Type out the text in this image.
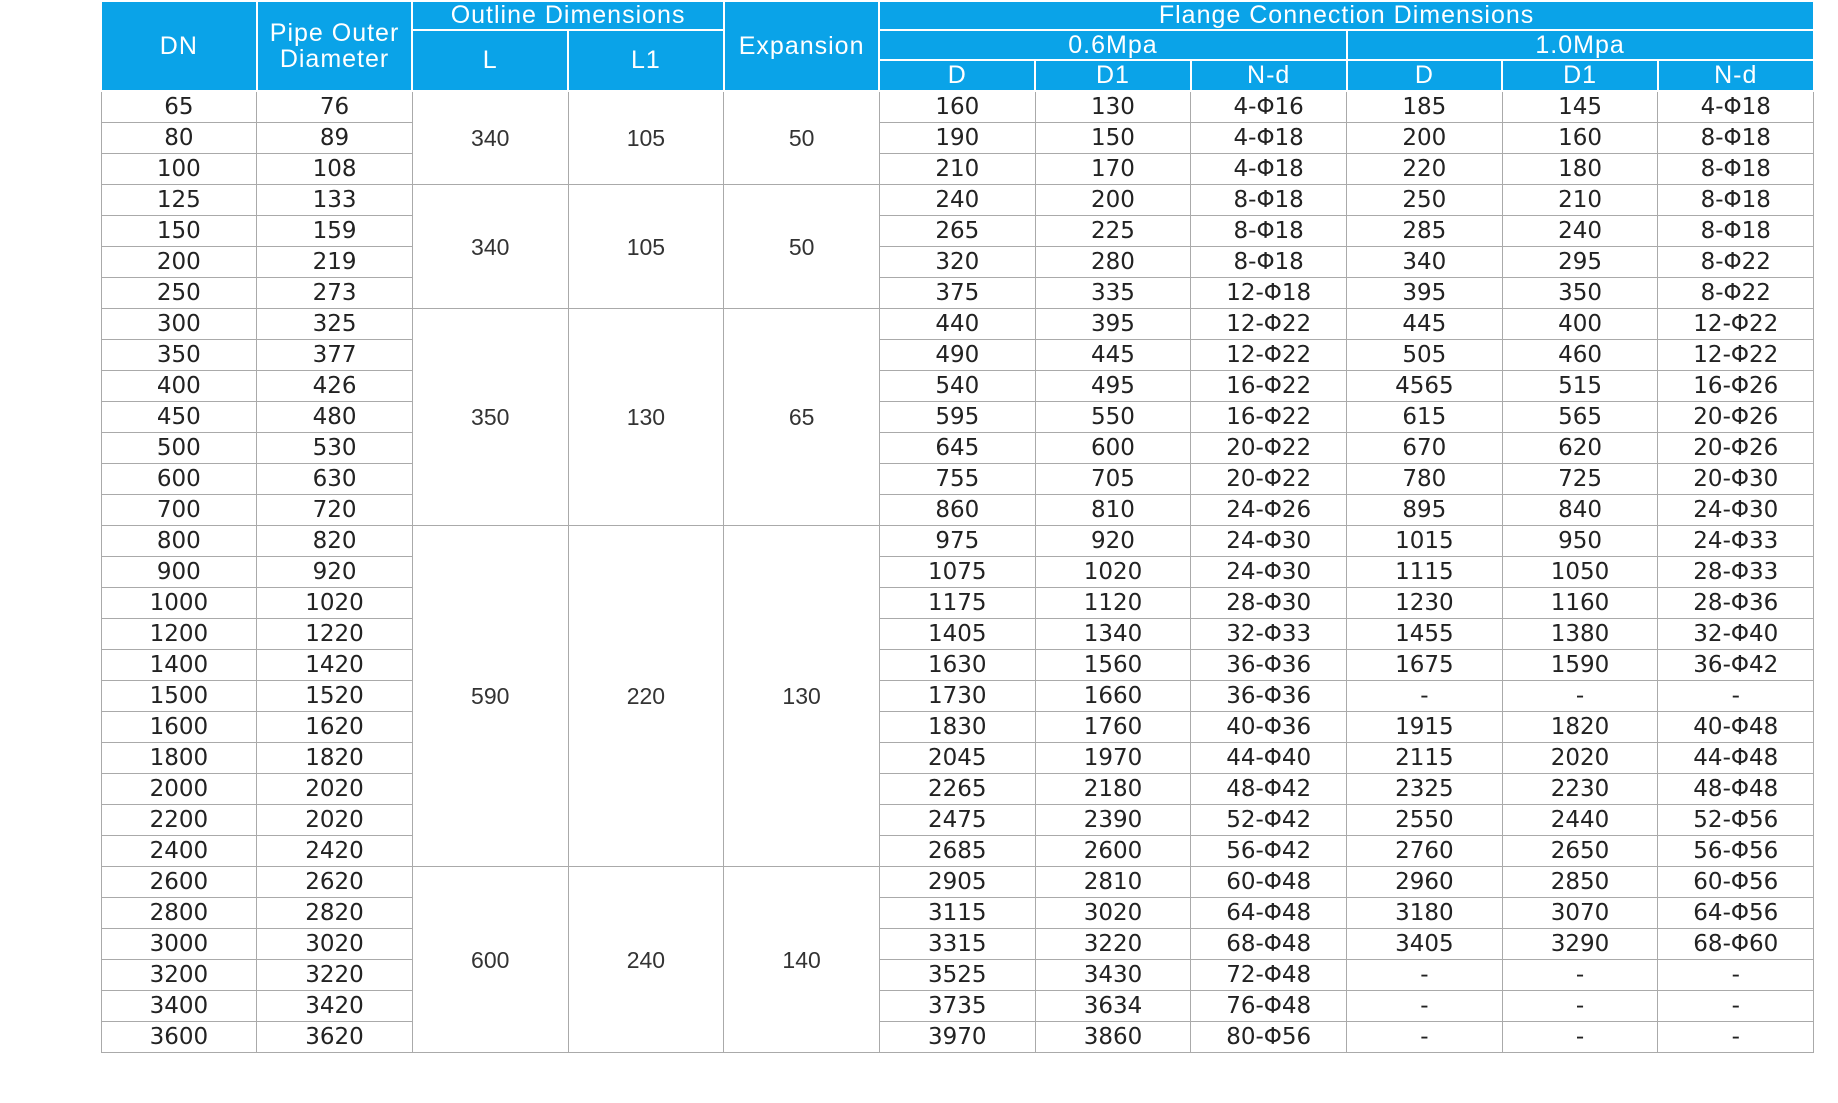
DN	Pipe Outer Diameter	Outline Dimensions		Expansion	Flange Connection Dimensions					
		L	L1		0.6Mpa			1.0Mpa		
					D	D1	N-d	D	D1	N-d
65	76	340	105	50	160	130	4-Φ16	185	145	4-Φ18
80	89				190	150	4-Φ18	200	160	8-Φ18
100	108				210	170	4-Φ18	220	180	8-Φ18
125	133	340	105	50	240	200	8-Φ18	250	210	8-Φ18
150	159				265	225	8-Φ18	285	240	8-Φ18
200	219				320	280	8-Φ18	340	295	8-Φ22
250	273				375	335	12-Φ18	395	350	8-Φ22
300	325	350	130	65	440	395	12-Φ22	445	400	12-Φ22
350	377				490	445	12-Φ22	505	460	12-Φ22
400	426				540	495	16-Φ22	4565	515	16-Φ26
450	480				595	550	16-Φ22	615	565	20-Φ26
500	530				645	600	20-Φ22	670	620	20-Φ26
600	630				755	705	20-Φ22	780	725	20-Φ30
700	720				860	810	24-Φ26	895	840	24-Φ30
800	820	590	220	130	975	920	24-Φ30	1015	950	24-Φ33
900	920				1075	1020	24-Φ30	1115	1050	28-Φ33
1000	1020				1175	1120	28-Φ30	1230	1160	28-Φ36
1200	1220				1405	1340	32-Φ33	1455	1380	32-Φ40
1400	1420				1630	1560	36-Φ36	1675	1590	36-Φ42
1500	1520				1730	1660	36-Φ36	-	-	-
1600	1620				1830	1760	40-Φ36	1915	1820	40-Φ48
1800	1820				2045	1970	44-Φ40	2115	2020	44-Φ48
2000	2020				2265	2180	48-Φ42	2325	2230	48-Φ48
2200	2020				2475	2390	52-Φ42	2550	2440	52-Φ56
2400	2420				2685	2600	56-Φ42	2760	2650	56-Φ56
2600	2620	600	240	140	2905	2810	60-Φ48	2960	2850	60-Φ56
2800	2820				3115	3020	64-Φ48	3180	3070	64-Φ56
3000	3020				3315	3220	68-Φ48	3405	3290	68-Φ60
3200	3220				3525	3430	72-Φ48	-	-	-
3400	3420				3735	3634	76-Φ48	-	-	-
3600	3620				3970	3860	80-Φ56	-	-	-
